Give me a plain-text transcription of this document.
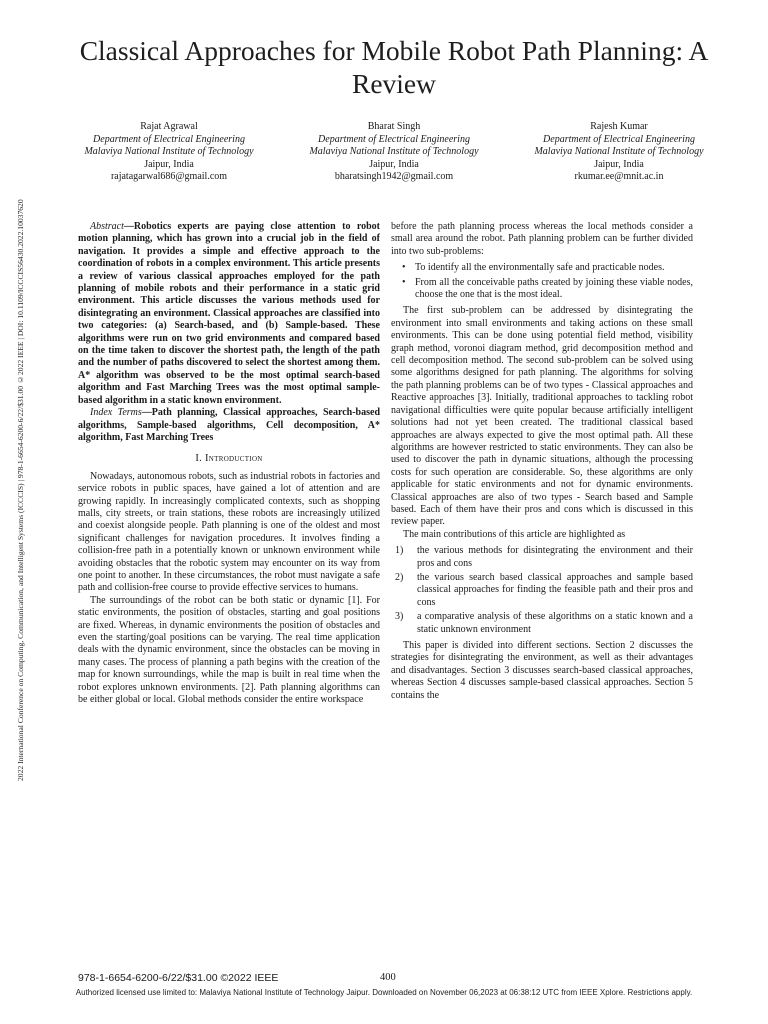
2022 International Conference on Computing, Communication, and Intelligent Systems (ICCCIS) | 978-1-6654-6200-6/22/$31.00 ©2022 IEEE | DOI: 10.1109/ICCCIS56430.2022.10037620
Classical Approaches for Mobile Robot Path Planning: A Review
Rajat Agrawal
Department of Electrical Engineering
Malaviya National Institute of Technology
Jaipur, India
rajatagarwal686@gmail.com
Bharat Singh
Department of Electrical Engineering
Malaviya National Institute of Technology
Jaipur, India
bharatsingh1942@gmail.com
Rajesh Kumar
Department of Electrical Engineering
Malaviya National Institute of Technology
Jaipur, India
rkumar.ee@mnit.ac.in

Abstract—Robotics experts are paying close attention to robot motion planning, which has grown into a crucial job in the field of navigation. It provides a simple and effective approach to the coordination of robots in a complex environment. This article presents a review of various classical approaches employed for the path planning of mobile robots and their performance in a static grid environment. This article discusses the various methods used for disintegrating an environment. Classical approaches are classified into two categories: (a) Search-based, and (b) Sample-based. These algorithms were run on two grid environments and compared based on the time taken to discover the shortest path, the length of the path and the number of paths discovered to select the shortest among them. A* algorithm was observed to be the most optimal search-based algorithm and Fast Marching Trees was the most optimal sample-based algorithm in a static known environment.

Index Terms—Path planning, Classical approaches, Search-based algorithms, Sample-based algorithms, Cell decomposition, A* algorithm, Fast Marching Trees

I. Introduction

Nowadays, autonomous robots, such as industrial robots in factories and service robots in public spaces, have gained a lot of attention and are growing rapidly. In increasingly complicated contexts, such as shopping malls, city streets, or train stations, these robots are increasingly utilized and coexist alongside people. Path planning is one of the oldest and most significant challenges for navigation procedures. It involves finding a collision-free path in a potentially known or unknown environment while avoiding obstacles that the robotic system may encounter on its way from one point to another. In these circumstances, the robot must navigate a safe path and collision-free course to provide effective services to humans.

The surroundings of the robot can be both static or dynamic [1]. For static environments, the position of obstacles, starting and goal positions are fixed. Whereas, in dynamic environments the position of obstacles and even the starting/goal positions can be varying. The real time application deals with the dynamic environment, since the obstacles can be moving in many cases. The process of planning a path begins with the creation of the map for known surroundings, while the map is built in real time when the robot explores unknown environments. [2]. Path planning algorithms can be either global or local. Global methods consider the entire workspace

before the path planning process whereas the local methods consider a small area around the robot. Path planning problem can be further divided into two sub-problems:

• To identify all the environmentally safe and practicable nodes.
• From all the conceivable paths created by joining these viable nodes, choose the one that is the most ideal.

The first sub-problem can be addressed by disintegrating the environment into small environments and taking actions on these small environments. This can be done using potential field method, visibility graph method, voronoi diagram method, grid decomposition method and cell decomposition method. The second sub-problem can be solved using some algorithms designed for path planning. The algorithms for solving the path planning problems can be of two types - Classical approaches and Reactive approaches [3]. Initially, traditional approaches to tackling robot navigational difficulties were quite popular because artificially intelligent solutions had not yet been created. The traditional classical based approaches are always expected to give the most optimal path. All these algorithms are however restricted to static environments. They can also be used to discover the path in dynamic situations, although the processing costs for such operation are considerable. So, these algorithms are only applicable for static environments and not for dynamic environments. Classical approaches are also of two types - Search based and Sample based. Each of them have their pros and cons which is discussed in this review paper.

The main contributions of this article are highlighted as

1) the various methods for disintegrating the environment and their pros and cons
2) the various search based classical approaches and sample based classical approaches for finding the feasible path and their pros and cons
3) a comparative analysis of these algorithms on a static known and a static unknown environment

This paper is divided into different sections. Section 2 discusses the strategies for disintegrating the environment, as well as their advantages and disadvantages. Section 3 discusses search-based classical approaches, whereas Section 4 discusses sample-based classical approaches. Section 5 contains the

978-1-6654-6200-6/22/$31.00 ©2022 IEEE	400
Authorized licensed use limited to: Malaviya National Institute of Technology Jaipur. Downloaded on November 06,2023 at 06:38:12 UTC from IEEE Xplore. Restrictions apply.
